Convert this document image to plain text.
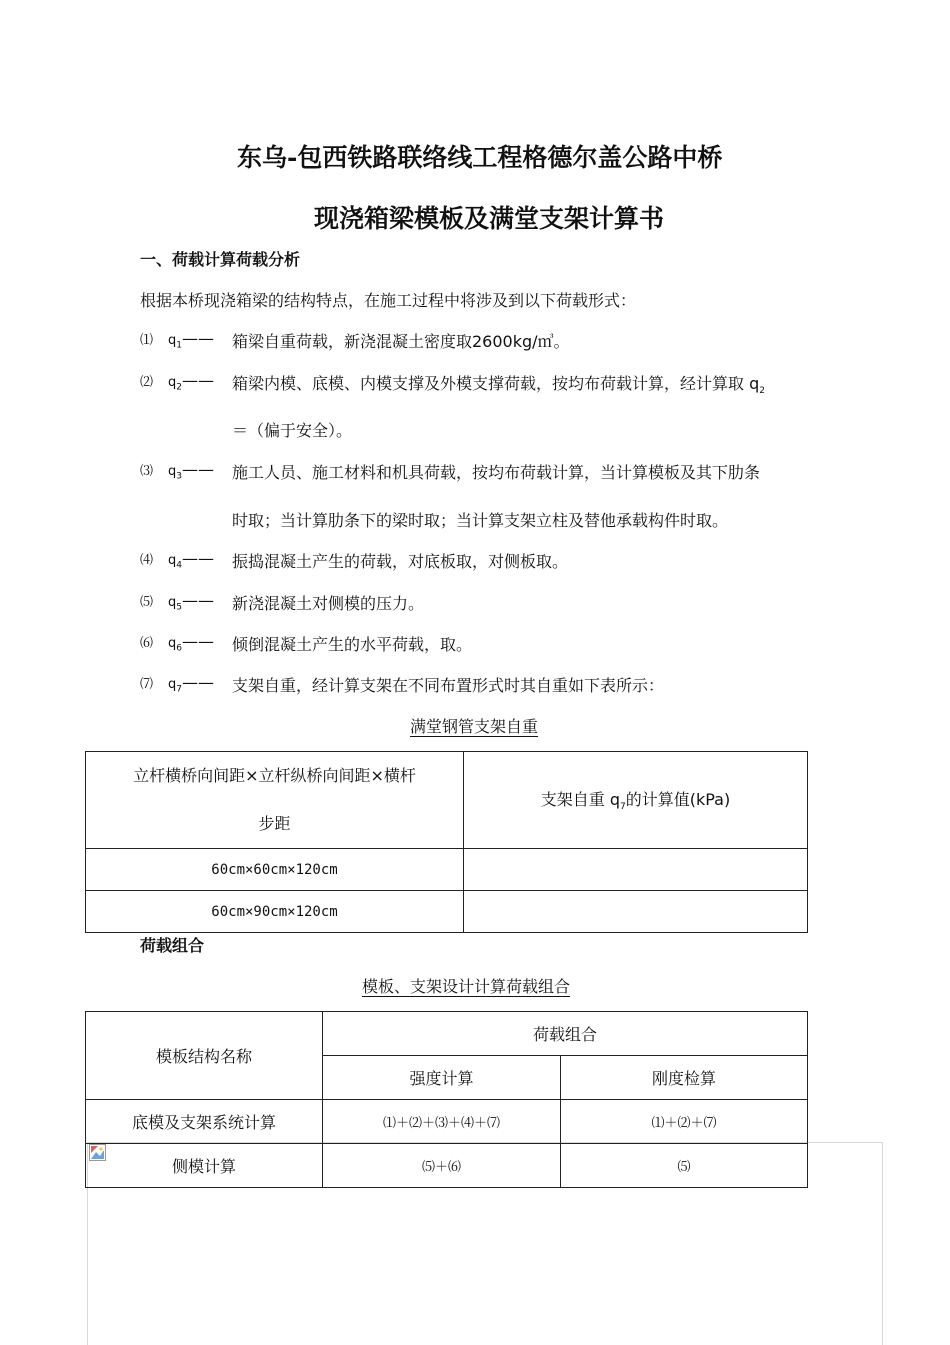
东乌-包西铁路联络线工程格德尔盖公路中桥
现浇箱梁模板及满堂支架计算书
一、荷载计算荷载分析
根据本桥现浇箱梁的结构特点，在施工过程中将涉及到以下荷载形式：
⑴ $q_1——$ 箱梁自重荷载，新浇混凝土密度取2600kg/㎥。
⑵ $q_2——$ 箱梁内模、底模、内模支撑及外模支撑荷载，按均布荷载计算，经计算取 $q_2$
＝（偏于安全）。
⑶ $q_3——$ 施工人员、施工材料和机具荷载，按均布荷载计算，当计算模板及其下肋条
时取；当计算肋条下的梁时取；当计算支架立柱及替他承载构件时取。
⑷ $q_4——$ 振捣混凝土产生的荷载，对底板取，对侧板取。
⑸ $q_5——$ 新浇混凝土对侧模的压力。
⑹ $q_6——$ 倾倒混凝土产生的水平荷载，取。
⑺ $q_7——$ 支架自重，经计算支架在不同布置形式时其自重如下表所示：
满堂钢管支架自重
立杆横桥向间距×立杆纵桥向间距×横杆
步距	支架自重 $q_7$的计算值(kPa)
60cm×60cm×120cm	
60cm×90cm×120cm	
荷载组合
模板、支架设计计算荷载组合
模板结构名称	荷载组合	
	强度计算	刚度检算
底模及支架系统计算	⑴＋⑵＋⑶＋⑷＋⑺	⑴＋⑵＋⑺
侧模计算	⑸＋⑹	⑸
